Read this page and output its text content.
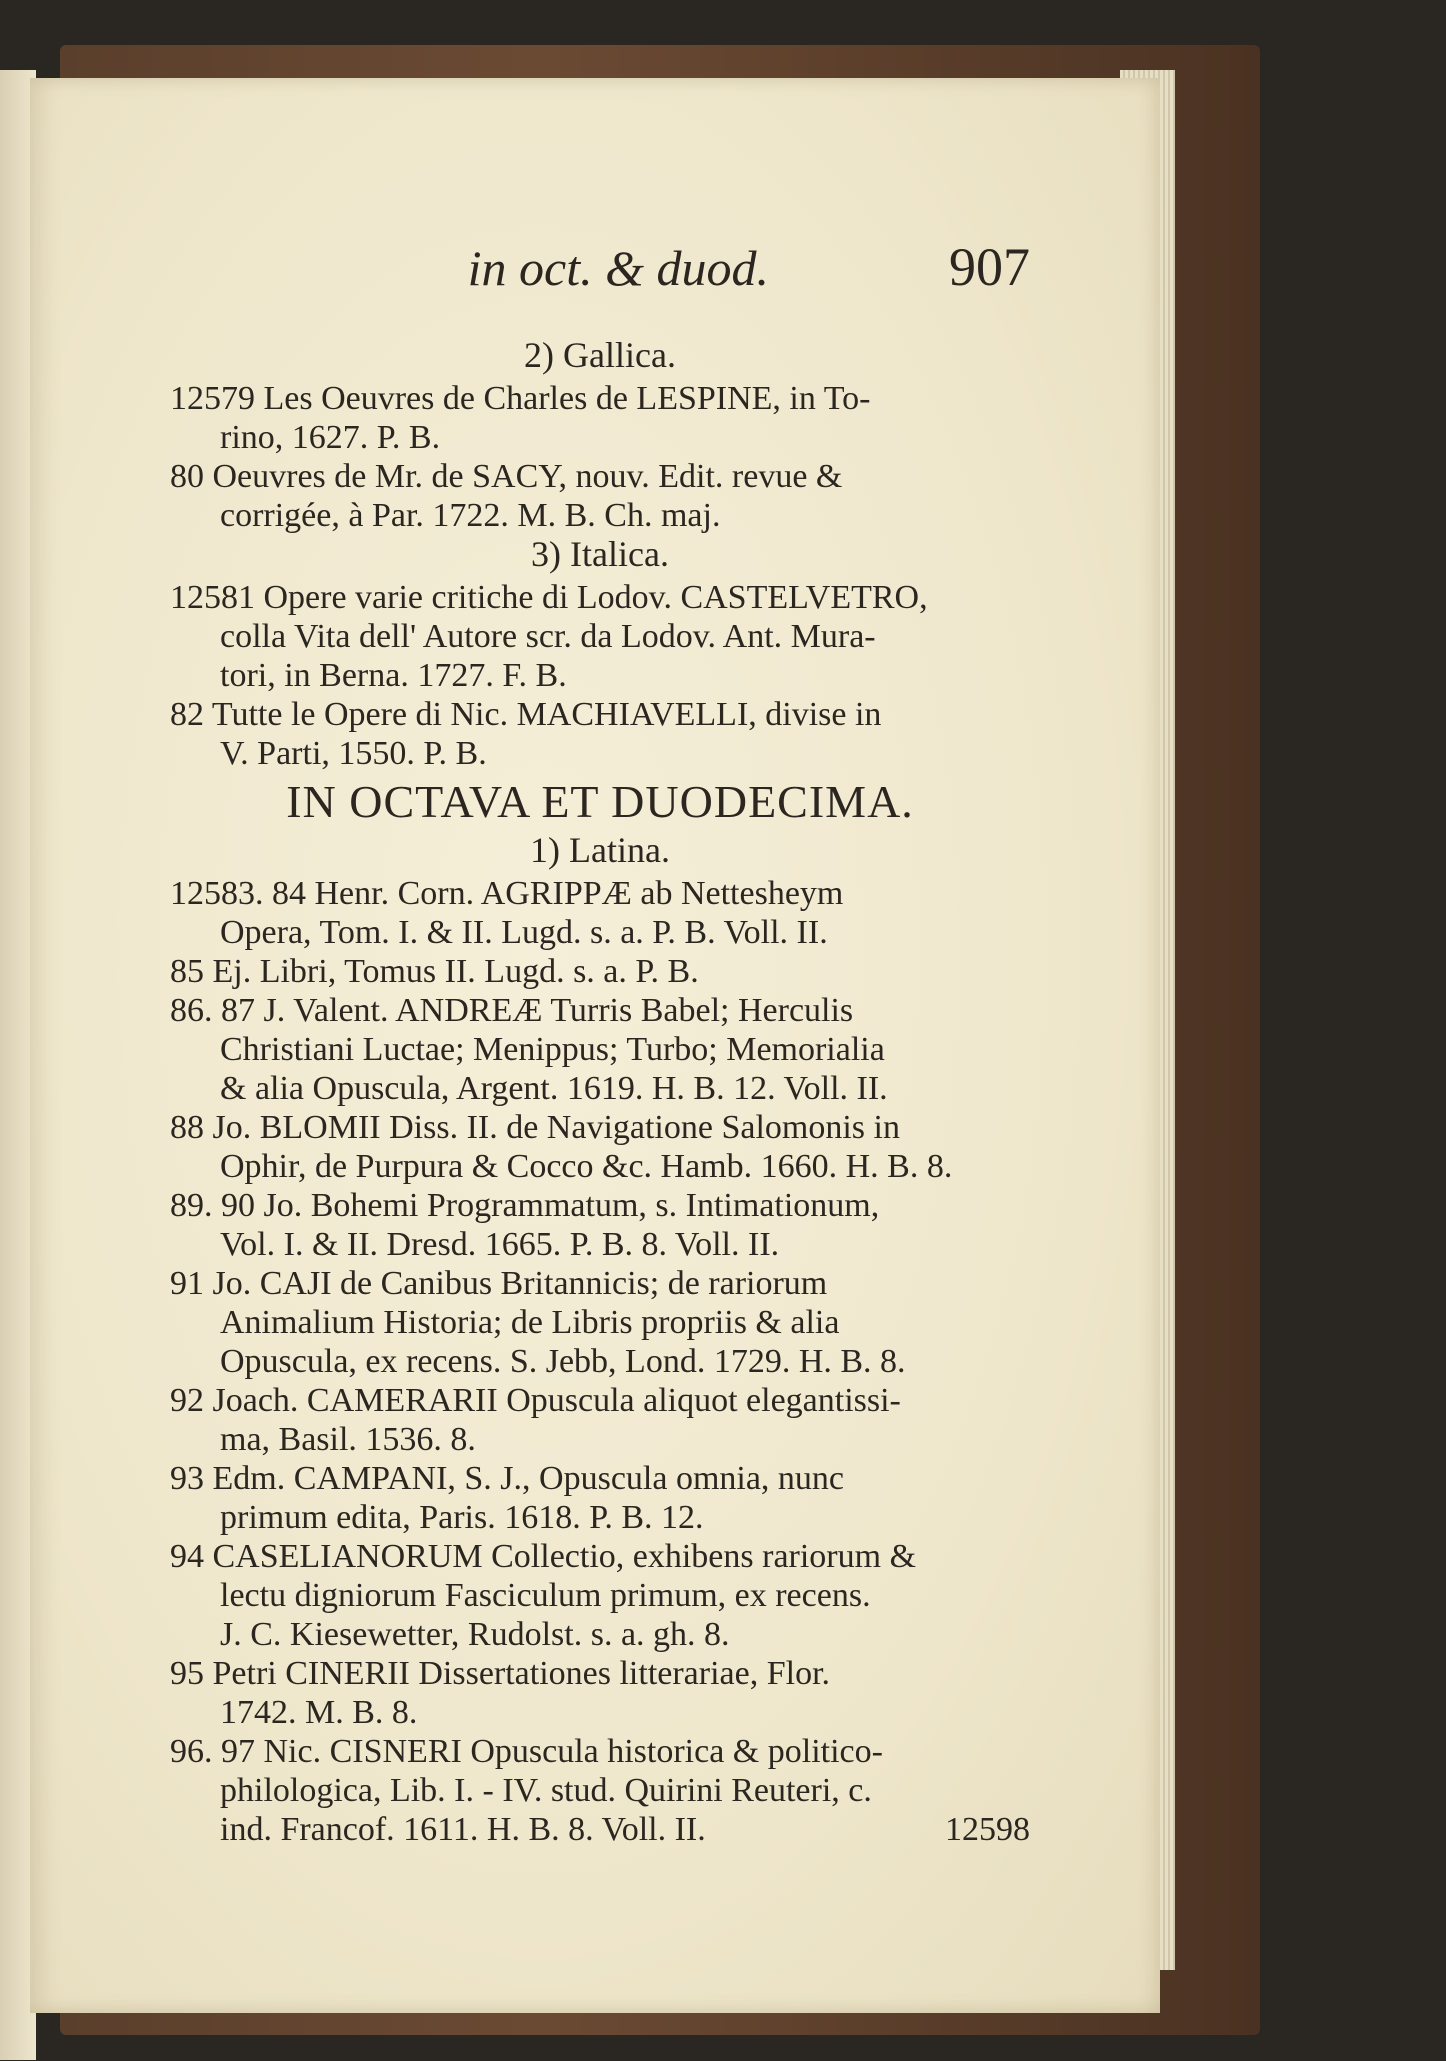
in oct. & duod.	907
2) Gallica.
12579 Les Oeuvres de Charles de LESPINE, in To-
rino, 1627. P. B.
80 Oeuvres de Mr. de SACY, nouv. Edit. revue &
corrigée, à Par. 1722. M. B. Ch. maj.
3) Italica.
12581 Opere varie critiche di Lodov. CASTELVETRO,
colla Vita dell' Autore scr. da Lodov. Ant. Mura-
tori, in Berna. 1727. F. B.
82 Tutte le Opere di Nic. MACHIAVELLI, divise in
V. Parti, 1550. P. B.
IN OCTAVA ET DUODECIMA.
1) Latina.
12583. 84 Henr. Corn. AGRIPPÆ ab Nettesheym
Opera, Tom. I. & II. Lugd. s. a. P. B. Voll. II.
85 Ej. Libri, Tomus II. Lugd. s. a. P. B.
86. 87 J. Valent. ANDREÆ Turris Babel; Herculis
Christiani Luctae; Menippus; Turbo; Memorialia
& alia Opuscula, Argent. 1619. H. B. 12. Voll. II.
88 Jo. BLOMII Diss. II. de Navigatione Salomonis in
Ophir, de Purpura & Cocco &c. Hamb. 1660. H. B. 8.
89. 90 Jo. Bohemi Programmatum, s. Intimationum,
Vol. I. & II. Dresd. 1665. P. B. 8. Voll. II.
91 Jo. CAJI de Canibus Britannicis; de rariorum
Animalium Historia; de Libris propriis & alia
Opuscula, ex recens. S. Jebb, Lond. 1729. H. B. 8.
92 Joach. CAMERARII Opuscula aliquot elegantissi-
ma, Basil. 1536. 8.
93 Edm. CAMPANI, S. J., Opuscula omnia, nunc
primum edita, Paris. 1618. P. B. 12.
94 CASELIANORUM Collectio, exhibens rariorum &
lectu digniorum Fasciculum primum, ex recens.
J. C. Kiesewetter, Rudolst. s. a. gh. 8.
95 Petri CINERII Dissertationes litterariae, Flor.
1742. M. B. 8.
96. 97 Nic. CISNERI Opuscula historica & politico-
philologica, Lib. I. - IV. stud. Quirini Reuteri, c.
ind. Francof. 1611. H. B. 8. Voll. II.	12598
